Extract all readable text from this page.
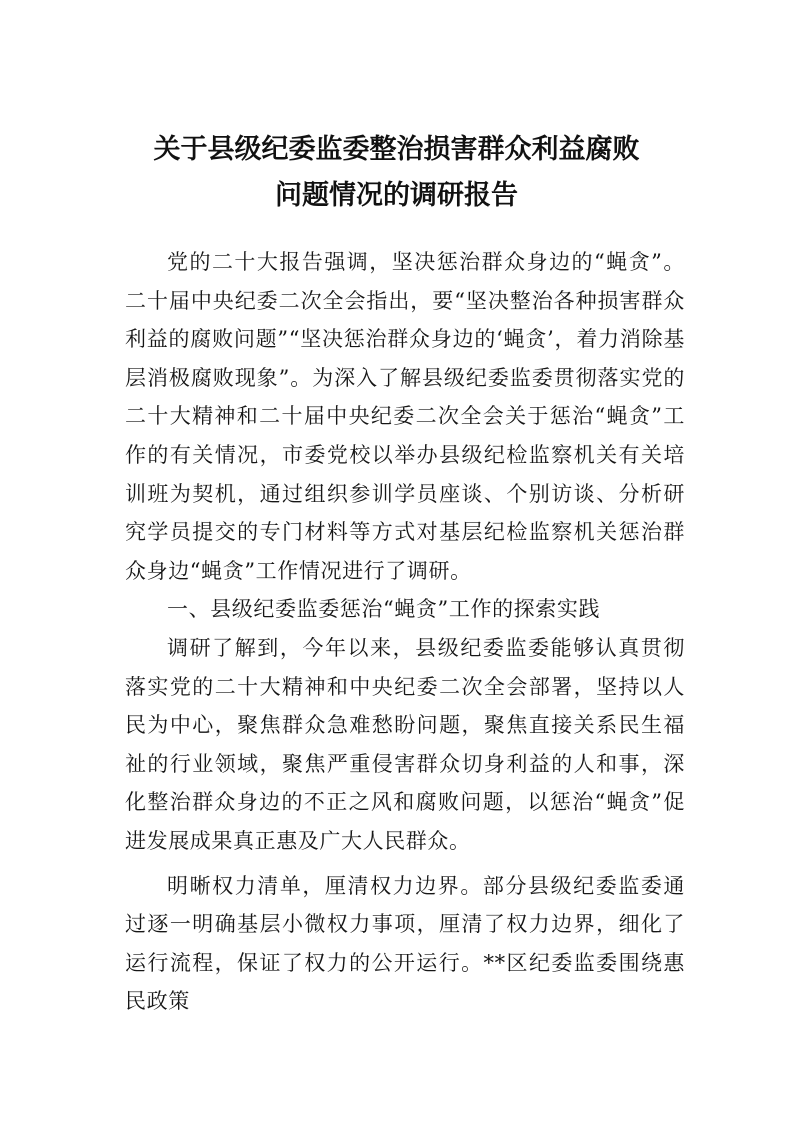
关于县级纪委监委整治损害群众利益腐败
问题情况的调研报告

党的二十大报告强调，坚决惩治群众身边的“蝇贪”。二十届中央纪委二次全会指出，要“坚决整治各种损害群众利益的腐败问题”“坚决惩治群众身边的‘蝇贪’，着力消除基层消极腐败现象”。为深入了解县级纪委监委贯彻落实党的二十大精神和二十届中央纪委二次全会关于惩治“蝇贪”工作的有关情况，市委党校以举办县级纪检监察机关有关培训班为契机，通过组织参训学员座谈、个别访谈、分析研究学员提交的专门材料等方式对基层纪检监察机关惩治群众身边“蝇贪”工作情况进行了调研。

一、县级纪委监委惩治“蝇贪”工作的探索实践

调研了解到，今年以来，县级纪委监委能够认真贯彻落实党的二十大精神和中央纪委二次全会部署，坚持以人民为中心，聚焦群众急难愁盼问题，聚焦直接关系民生福祉的行业领域，聚焦严重侵害群众切身利益的人和事，深化整治群众身边的不正之风和腐败问题，以惩治“蝇贪”促进发展成果真正惠及广大人民群众。

明晰权力清单，厘清权力边界。部分县级纪委监委通过逐一明确基层小微权力事项，厘清了权力边界，细化了运行流程，保证了权力的公开运行。**区纪委监委围绕惠民政策
